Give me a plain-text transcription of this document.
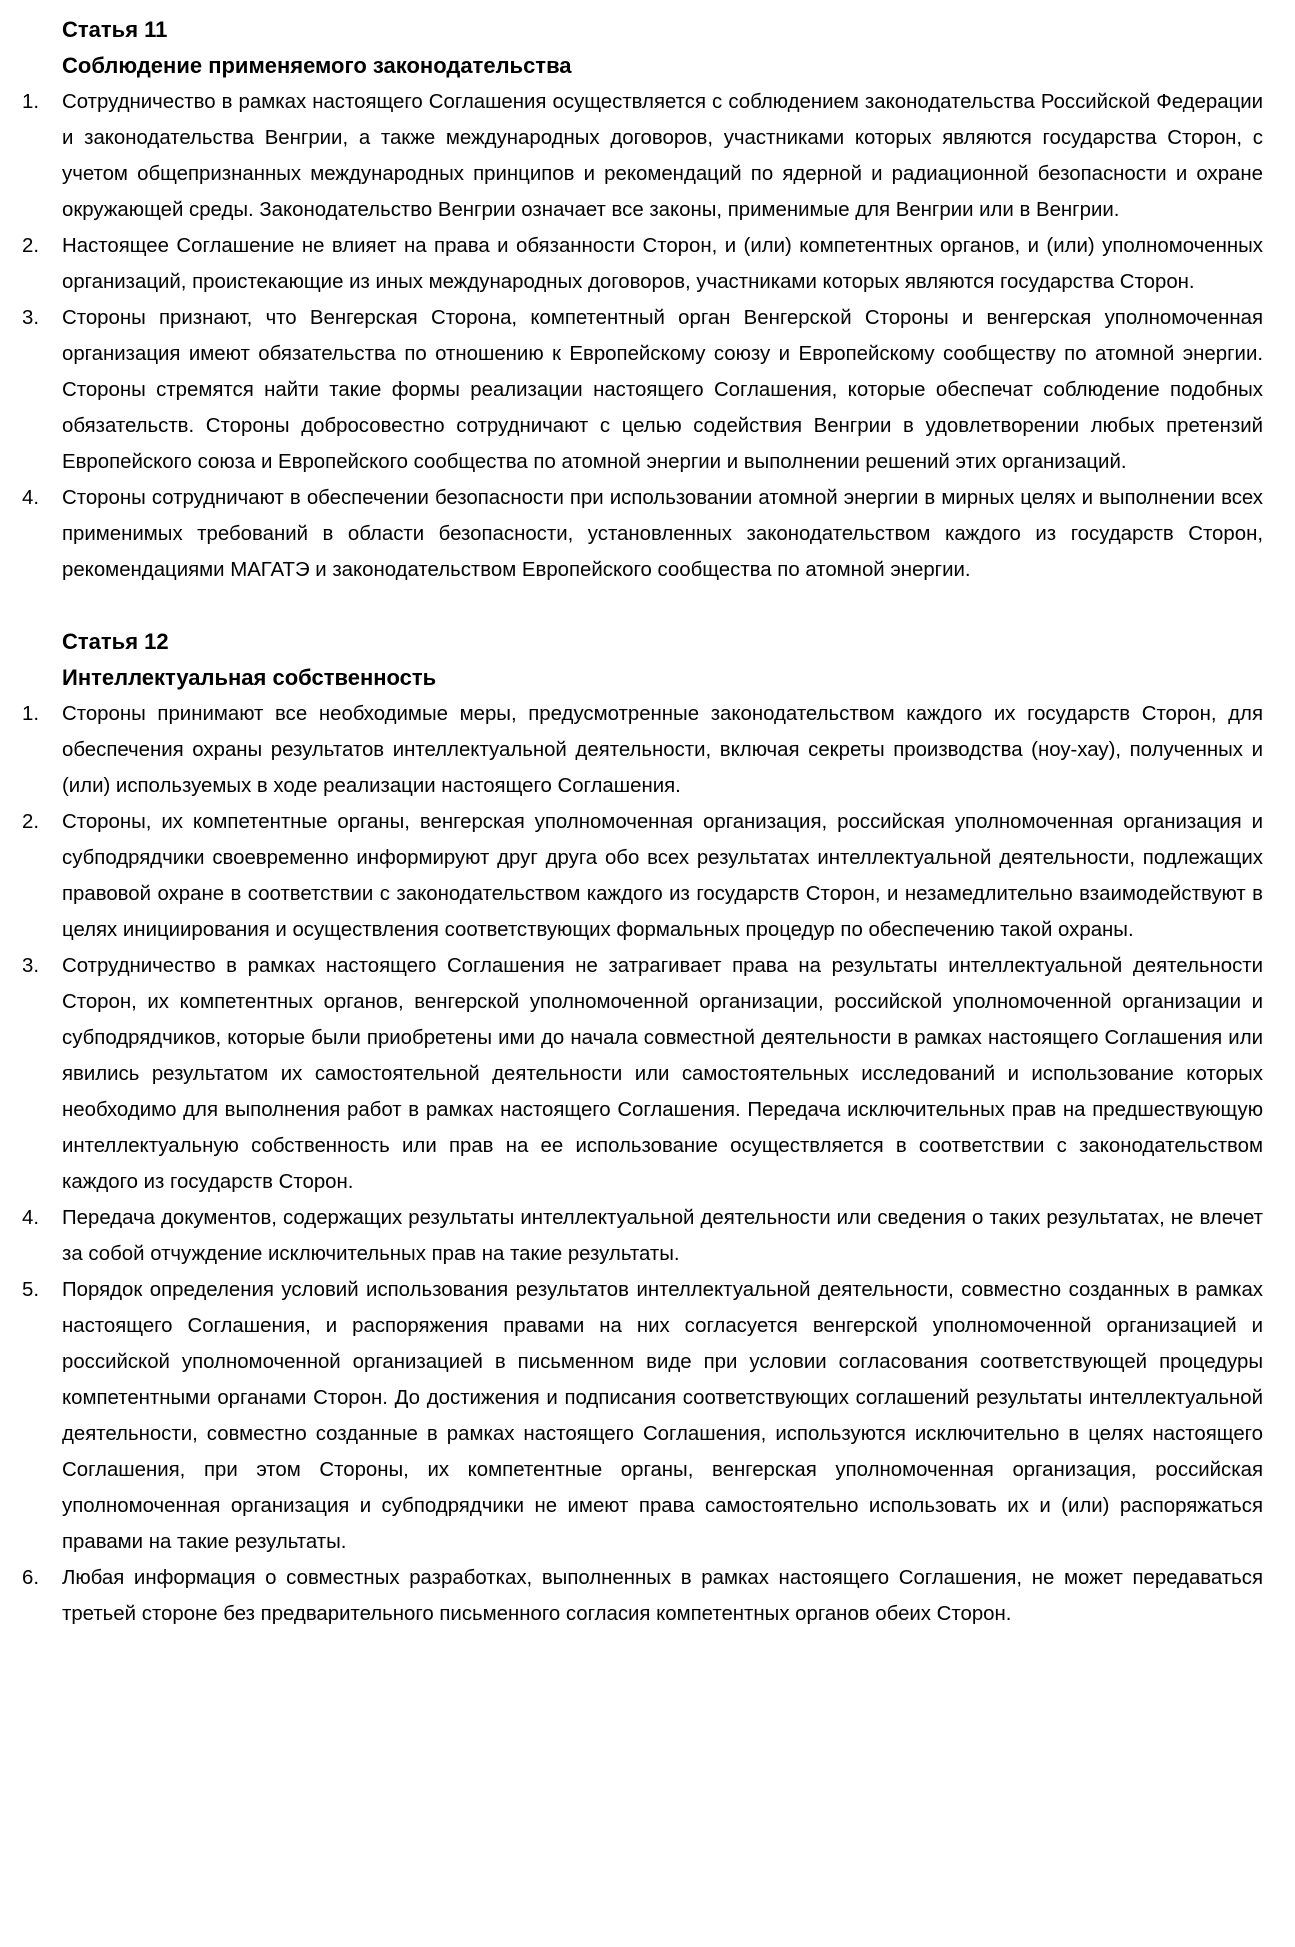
Статья 11
Соблюдение применяемого законодательства
1.	Сотрудничество в рамках настоящего Соглашения осуществляется с соблюдением законодательства Российской Федерации и законодательства Венгрии, а также международных договоров, участниками которых являются государства Сторон, с учетом общепризнанных международных принципов и рекомендаций по ядерной и радиационной безопасности и охране окружающей среды. Законодательство Венгрии означает все законы, применимые для Венгрии или в Венгрии.
2.	Настоящее Соглашение не влияет на права и обязанности Сторон, и (или) компетентных органов, и (или) уполномоченных организаций, проистекающие из иных международных договоров, участниками которых являются государства Сторон.
3.	Стороны признают, что Венгерская Сторона, компетентный орган Венгерской Стороны и венгерская уполномоченная организация имеют обязательства по отношению к Европейскому союзу и Европейскому сообществу по атомной энергии. Стороны стремятся найти такие формы реализации настоящего Соглашения, которые обеспечат соблюдение подобных обязательств. Стороны добросовестно сотрудничают с целью содействия Венгрии в удовлетворении любых претензий Европейского союза и Европейского сообщества по атомной энергии и выполнении решений этих организаций.
4.	Стороны сотрудничают в обеспечении безопасности при использовании атомной энергии в мирных целях и выполнении всех применимых требований в области безопасности, установленных законодательством каждого из государств Сторон, рекомендациями МАГАТЭ и законодательством Европейского сообщества по атомной энергии.
Статья 12
Интеллектуальная собственность
1.	Стороны принимают все необходимые меры, предусмотренные законодательством каждого их государств Сторон, для обеспечения охраны результатов интеллектуальной деятельности, включая секреты производства (ноу-хау), полученных и (или) используемых в ходе реализации настоящего Соглашения.
2.	Стороны, их компетентные органы, венгерская уполномоченная организация, российская уполномоченная организация и субподрядчики своевременно информируют друг друга обо всех результатах интеллектуальной деятельности, подлежащих правовой охране в соответствии с законодательством каждого из государств Сторон, и незамедлительно взаимодействуют в целях инициирования и осуществления соответствующих формальных процедур по обеспечению такой охраны.
3.	Сотрудничество в рамках настоящего Соглашения не затрагивает права на результаты интеллектуальной деятельности Сторон, их компетентных органов, венгерской уполномоченной организации, российской уполномоченной организации и субподрядчиков, которые были приобретены ими до начала совместной деятельности в рамках настоящего Соглашения или явились результатом их самостоятельной деятельности или самостоятельных исследований и использование которых необходимо для выполнения работ в рамках настоящего Соглашения. Передача исключительных прав на предшествующую интеллектуальную собственность или прав на ее использование осуществляется в соответствии с законодательством каждого из государств Сторон.
4.	Передача документов, содержащих результаты интеллектуальной деятельности или сведения о таких результатах, не влечет за собой отчуждение исключительных прав на такие результаты.
5.	Порядок определения условий использования результатов интеллектуальной деятельности, совместно созданных в рамках настоящего Соглашения, и распоряжения правами на них согласуется венгерской уполномоченной организацией и российской уполномоченной организацией в письменном виде при условии согласования соответствующей процедуры компетентными органами Сторон. До достижения и подписания соответствующих соглашений результаты интеллектуальной деятельности, совместно созданные в рамках настоящего Соглашения, используются исключительно в целях настоящего Соглашения, при этом Стороны, их компетентные органы, венгерская уполномоченная организация, российская уполномоченная организация и субподрядчики не имеют права самостоятельно использовать их и (или) распоряжаться правами на такие результаты.
6.	Любая информация о совместных разработках, выполненных в рамках настоящего Соглашения, не может передаваться третьей стороне без предварительного письменного согласия компетентных органов обеих Сторон.
